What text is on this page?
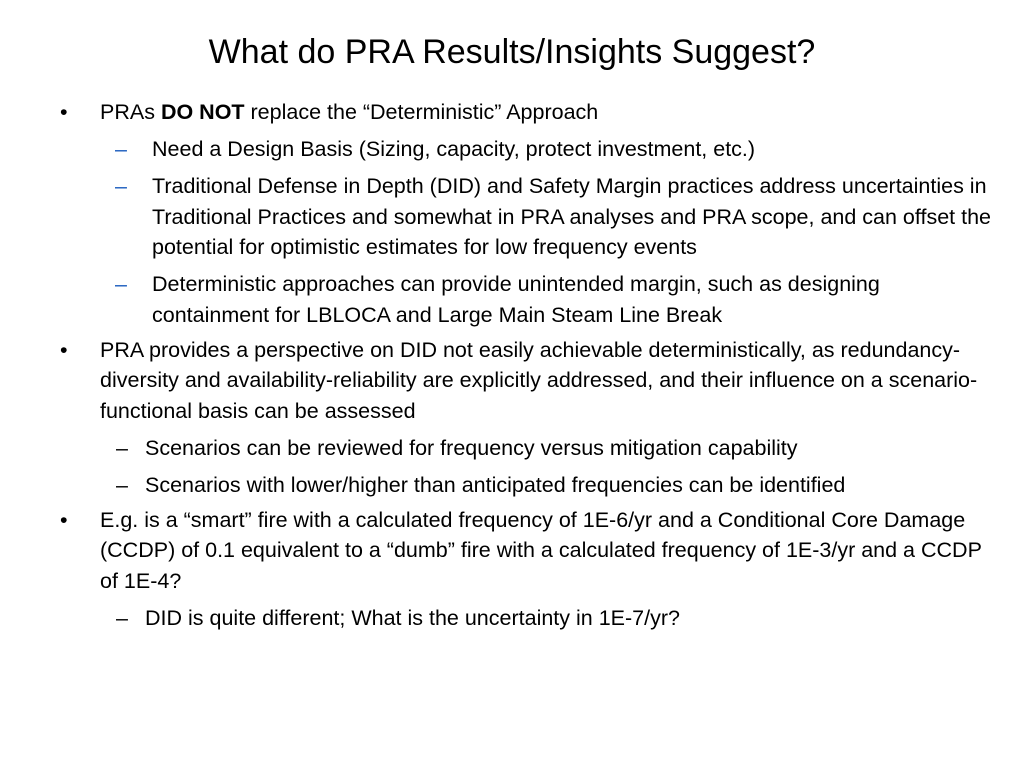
What do PRA Results/Insights Suggest?
• PRAs DO NOT replace the “Deterministic” Approach
– Need a Design Basis (Sizing, capacity, protect investment, etc.)
– Traditional Defense in Depth (DID) and Safety Margin practices address uncertainties in Traditional Practices and somewhat in PRA analyses and PRA scope, and can offset the potential for optimistic estimates for low frequency events
– Deterministic approaches can provide unintended margin, such as designing containment for LBLOCA and Large Main Steam Line Break
• PRA provides a perspective on DID not easily achievable deterministically, as redundancy-diversity and availability-reliability are explicitly addressed, and their influence on a scenario-functional basis can be assessed
– Scenarios can be reviewed for frequency versus mitigation capability
– Scenarios with lower/higher than anticipated frequencies can be identified
• E.g. is a “smart” fire with a calculated frequency of 1E-6/yr and a Conditional Core Damage (CCDP) of 0.1 equivalent to a “dumb” fire with a calculated frequency of 1E-3/yr and a CCDP of 1E-4?
– DID is quite different; What is the uncertainty in 1E-7/yr?
